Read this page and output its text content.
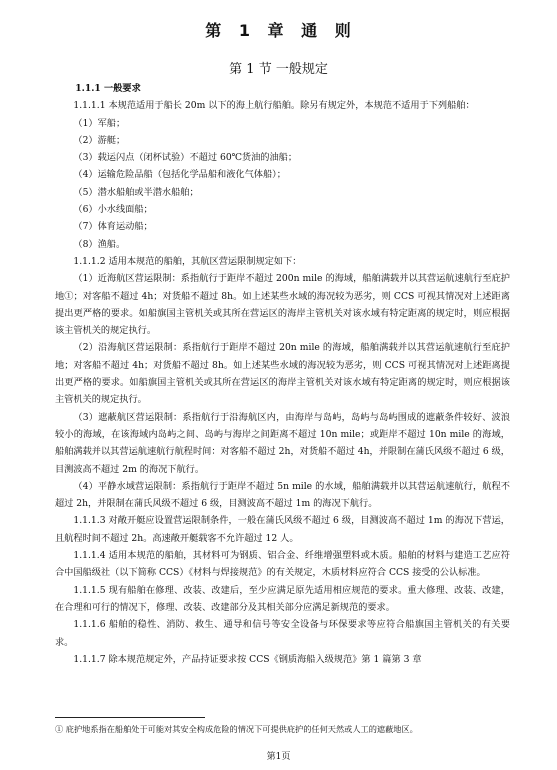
第 1 章 通 则
第 1 节 一般规定

1.1.1 一般要求

1.1.1.1 本规范适用于船长 20m 以下的海上航行船舶。除另有规定外，本规范不适用于下列船舶：

（1）军船；

（2）游艇；

（3）载运闪点（闭杯试验）不超过 60℃货油的油船；

（4）运输危险品船（包括化学品船和液化气体船）；

（5）潜水船舶或半潜水船舶；

（6）小水线面船；

（7）体育运动船；

（8）渔船。

1.1.1.2 适用本规范的船舶，其航区营运限制规定如下：

（1）近海航区营运限制：系指航行于距岸不超过 200n mile 的海域，船舶满载并以其营运航速航行至庇护地①；对客船不超过 4h；对货船不超过 8h。如上述某些水域的海况较为恶劣，则 CCS 可视其情况对上述距离提出更严格的要求。如船旗国主管机关或其所在营运区的海岸主管机关对该水域有特定距离的规定时，则应根据该主管机关的规定执行。

（2）沿海航区营运限制：系指航行于距岸不超过 20n mile 的海域，船舶满载并以其营运航速航行至庇护地；对客船不超过 4h；对货船不超过 8h。如上述某些水域的海况较为恶劣，则 CCS 可视其情况对上述距离提出更严格的要求。如船旗国主管机关或其所在营运区的海岸主管机关对该水域有特定距离的规定时，则应根据该主管机关的规定执行。

（3）遮蔽航区营运限制：系指航行于沿海航区内，由海岸与岛屿，岛屿与岛屿围成的遮蔽条件较好、波浪较小的海域，在该海域内岛屿之间、岛屿与海岸之间距离不超过 10n mile；或距岸不超过 10n mile 的海域，船舶满载并以其营运航速航行航程时间：对客船不超过 2h，对货船不超过 4h，并限制在蒲氏风级不超过 6 级，目测波高不超过 2m 的海况下航行。

（4）平静水域营运限制：系指航行于距岸不超过 5n mile 的水域，船舶满载并以其营运航速航行，航程不超过 2h，并限制在蒲氏风级不超过 6 级，目测波高不超过 1m 的海况下航行。

1.1.1.3 对敞开艇应设置营运限制条件，一般在蒲氏风级不超过 6 级，目测波高不超过 1m 的海况下营运，且航程时间不超过 2h。高速敞开艇载客不允许超过 12 人。

1.1.1.4 适用本规范的船舶，其材料可为钢质、铝合金、纤维增强塑料或木质。船舶的材料与建造工艺应符合中国船级社（以下简称 CCS）《材料与焊接规范》的有关规定，木质材料应符合 CCS 接受的公认标准。

1.1.1.5 现有船舶在修理、改装、改建后，至少应满足原先适用相应规范的要求。重大修理、改装、改建，在合理和可行的情况下，修理、改装、改建部分及其相关部分应满足新规范的要求。

1.1.1.6 船舶的稳性、消防、救生、通导和信号等安全设备与环保要求等应符合船旗国主管机关的有关要求。

1.1.1.7 除本规范规定外，产品持证要求按 CCS《钢质海船入级规范》第 1 篇第 3 章

① 庇护地系指在船舶处于可能对其安全构成危险的情况下可提供庇护的任何天然或人工的遮蔽地区。
第1页
